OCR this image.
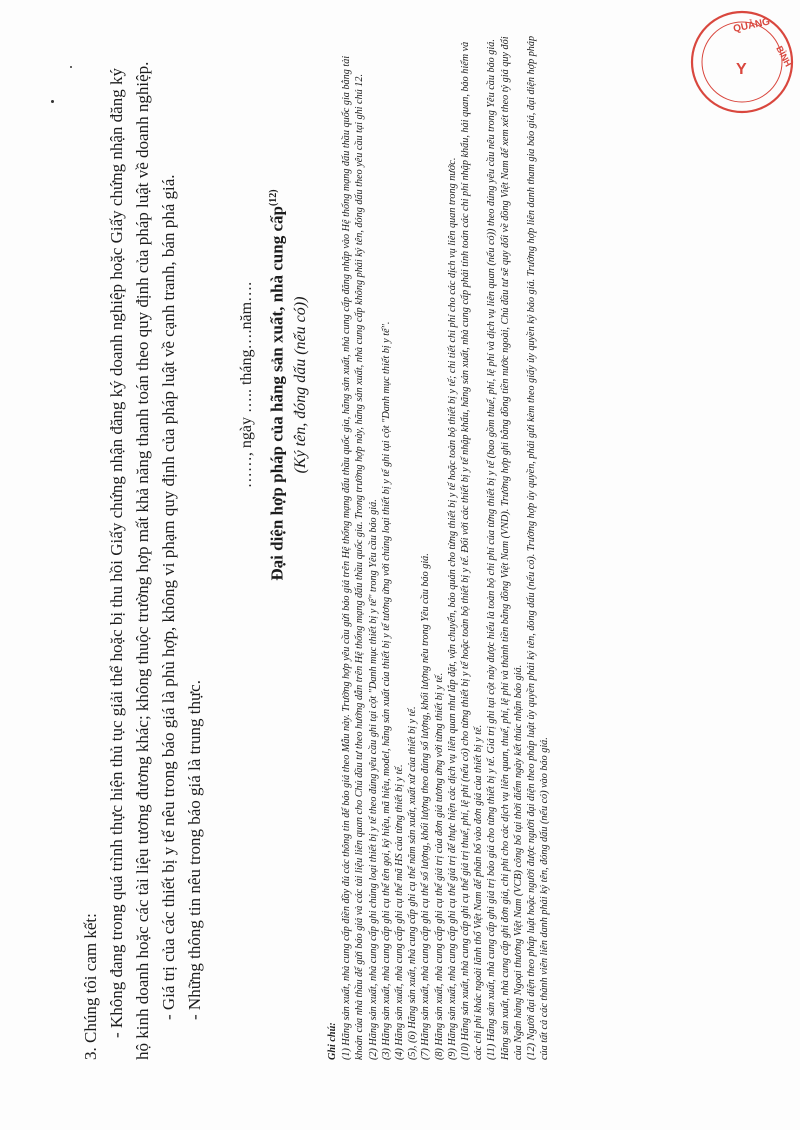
3. Chúng tôi cam kết: - Không đang trong quá trình thực hiện thủ tục giải thể hoặc bị thu hồi Giấy chứng nhận đăng ký doanh nghiệp hoặc Giấy chứng nhận đăng ký hộ kinh doanh hoặc các tài liệu tương đương khác; không thuộc trường hợp mất khả năng thanh toán theo quy định của pháp luật về doanh nghiệp. - Giá trị của các thiết bị y tế nêu trong báo giá là phù hợp, không vi phạm quy định của pháp luật về cạnh tranh, bán phá giá. - Những thông tin nêu trong báo giá là trung thực.

……, ngày ….. tháng….năm…. Đại diện hợp pháp của hãng sản xuất, nhà cung cấp$^{(12)}$
(Ký tên, đóng dấu (nếu có))

Ghi chú: (1) Hãng sản xuất, nhà cung cấp điền đầy đủ các thông tin để báo giá theo Mẫu này. Trường hợp yêu cầu gửi báo giá trên Hệ thống mạng đấu thầu quốc gia, hãng sản xuất, nhà cung cấp đăng nhập vào Hệ thống mạng đấu thầu quốc gia bằng tài khoản của nhà thầu để gửi báo giá và các tài liệu liên quan cho Chủ đầu tư theo hướng dẫn trên Hệ thống mạng đấu thầu quốc gia. Trong trường hợp này, hãng sản xuất, nhà cung cấp không phải ký tên, đóng dấu theo yêu cầu tại ghi chú 12. (2) Hãng sản xuất, nhà cung cấp ghi chủng loại thiết bị y tế theo đúng yêu cầu ghi tại cột "Danh mục thiết bị y tế" trong Yêu cầu báo giá. (3) Hãng sản xuất, nhà cung cấp ghi cụ thể tên gọi, ký hiệu, mã hiệu, model, hãng sản xuất của thiết bị y tế tương ứng với chủng loại thiết bị y tế ghi tại cột "Danh mục thiết bị y tế". (4) Hãng sản xuất, nhà cung cấp ghi cụ thể mã HS của từng thiết bị y tế. (5), (6) Hãng sản xuất, nhà cung cấp ghi cụ thể năm sản xuất, xuất xứ của thiết bị y tế. (7) Hãng sản xuất, nhà cung cấp ghi cụ thể số lượng, khối lượng theo đúng số lượng, khối lượng nêu trong Yêu cầu báo giá. (8) Hãng sản xuất, nhà cung cấp ghi cụ thể giá trị của đơn giá tương ứng với từng thiết bị y tế. (9) Hãng sản xuất, nhà cung cấp ghi cụ thể giá trị để thực hiện các dịch vụ liên quan như lắp đặt, vận chuyển, bảo quản cho từng thiết bị y tế hoặc toàn bộ thiết bị y tế; chi tiết chi phí cho các dịch vụ liên quan trong nước. (10) Hãng sản xuất, nhà cung cấp ghi cụ thể giá trị thuế, phí, lệ phí (nếu có) cho từng thiết bị y tế hoặc toàn bộ thiết bị y tế. Đối với các thiết bị y tế nhập khẩu, hãng sản xuất, nhà cung cấp phải tính toán các chi phí nhập khẩu, hải quan, bảo hiểm và các chi phí khác ngoài lãnh thổ Việt Nam để phân bổ vào đơn giá của thiết bị y tế. (11) Hãng sản xuất, nhà cung cấp ghi giá trị báo giá cho từng thiết bị y tế. Giá trị ghi tại cột này được hiểu là toàn bộ chi phí của từng thiết bị y tế (bao gồm thuế, phí, lệ phí và dịch vụ liên quan (nếu có)) theo đúng yêu cầu nêu trong Yêu cầu báo giá. Hãng sản xuất, nhà cung cấp ghi đơn giá, chi phí cho các dịch vụ liên quan, thuế, phí, lệ phí và thành tiền bằng đồng Việt Nam (VND). Trường hợp ghi bằng đồng tiền nước ngoài, Chủ đầu tư sẽ quy đổi về đồng Việt Nam để xem xét theo tỷ giá quy đổi của Ngân hàng Ngoại thương Việt Nam (VCB) công bố tại thời điểm ngày kết thúc nhận báo giá. (12) Người đại diện theo pháp luật hoặc người được người đại diện theo pháp luật ủy quyền phải ký tên, đóng dấu (nếu có). Trường hợp ủy quyền, phải gửi kèm theo giấy ủy quyền ký báo giá. Trường hợp liên danh tham gia báo giá, đại diện hợp pháp của tất cả các thành viên liên danh phải ký tên, đóng dấu (nếu có) vào báo giá.

QUẢNG
BÌNH
Y
